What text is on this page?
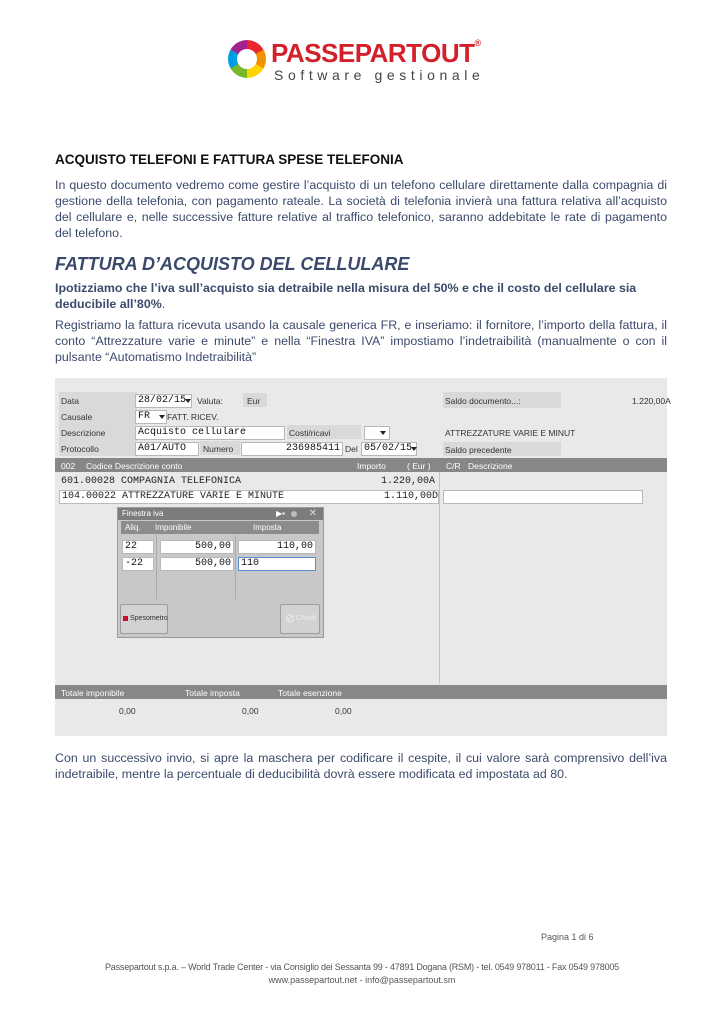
PASSEPARTOUT®
Software gestionale
ACQUISTO TELEFONI E FATTURA SPESE TELEFONIA
In questo documento vedremo come gestire l’acquisto di un telefono cellulare direttamente dalla compagnia di gestione della telefonia, con pagamento rateale. La società di telefonia invierà una fattura relativa all’acquisto del cellulare e, nelle successive fatture relative al traffico telefonico, saranno addebitate le rate di pagamento del telefono.
FATTURA D’ACQUISTO DEL CELLULARE
Ipotizziamo che l’iva sull’acquisto sia detraibile nella misura del 50% e che il costo del cellulare sia deducibile all’80%.
Registriamo la fattura ricevuta usando la causale generica FR, e inseriamo: il fornitore, l’importo della fattura, il conto “Attrezzature varie e minute” e nella “Finestra IVA” impostiamo l’indetraibilità (manualmente o con il pulsante “Automatismo Indetraibilità”
Data	28/02/15	Valuta:	Eur	Saldo documento...:	1.220,00A
Causale	FR	FATT. RICEV.
Descrizione	Acquisto cellulare	Costi/ricavi	ATTREZZATURE VARIE E MINUT
Protocollo	A01/AUTO	Numero	236985411 Del 05/02/15	Saldo precedente
002 Codice Descrizione conto	Importo ( Eur ) C/R Descrizione
601.00028 COMPAGNIA TELEFONICA	1.220,00A
104.00022 ATTREZZATURE VARIE E MINUTE	1.110,00D
Finestra iva	✕
▶▪
Aliq. Imponibile	Imposta
22	500,00	110,00
-22	500,00	110
Spesometro	⊘ Chiudi
Totale imponibile	Totale imposta	Totale esenzione
0,00	0,00	0,00
Con un successivo invio, si apre la maschera per codificare il cespite, il cui valore sarà comprensivo dell’iva indetraibile, mentre la percentuale di deducibilità dovrà essere modificata ed impostata ad 80.
Pagina 1 di 6
Passepartout s.p.a. – World Trade Center - via Consiglio dei Sessanta 99 - 47891 Dogana (RSM) - tel. 0549 978011 - Fax 0549 978005
www.passepartout.net - info@passepartout.sm
